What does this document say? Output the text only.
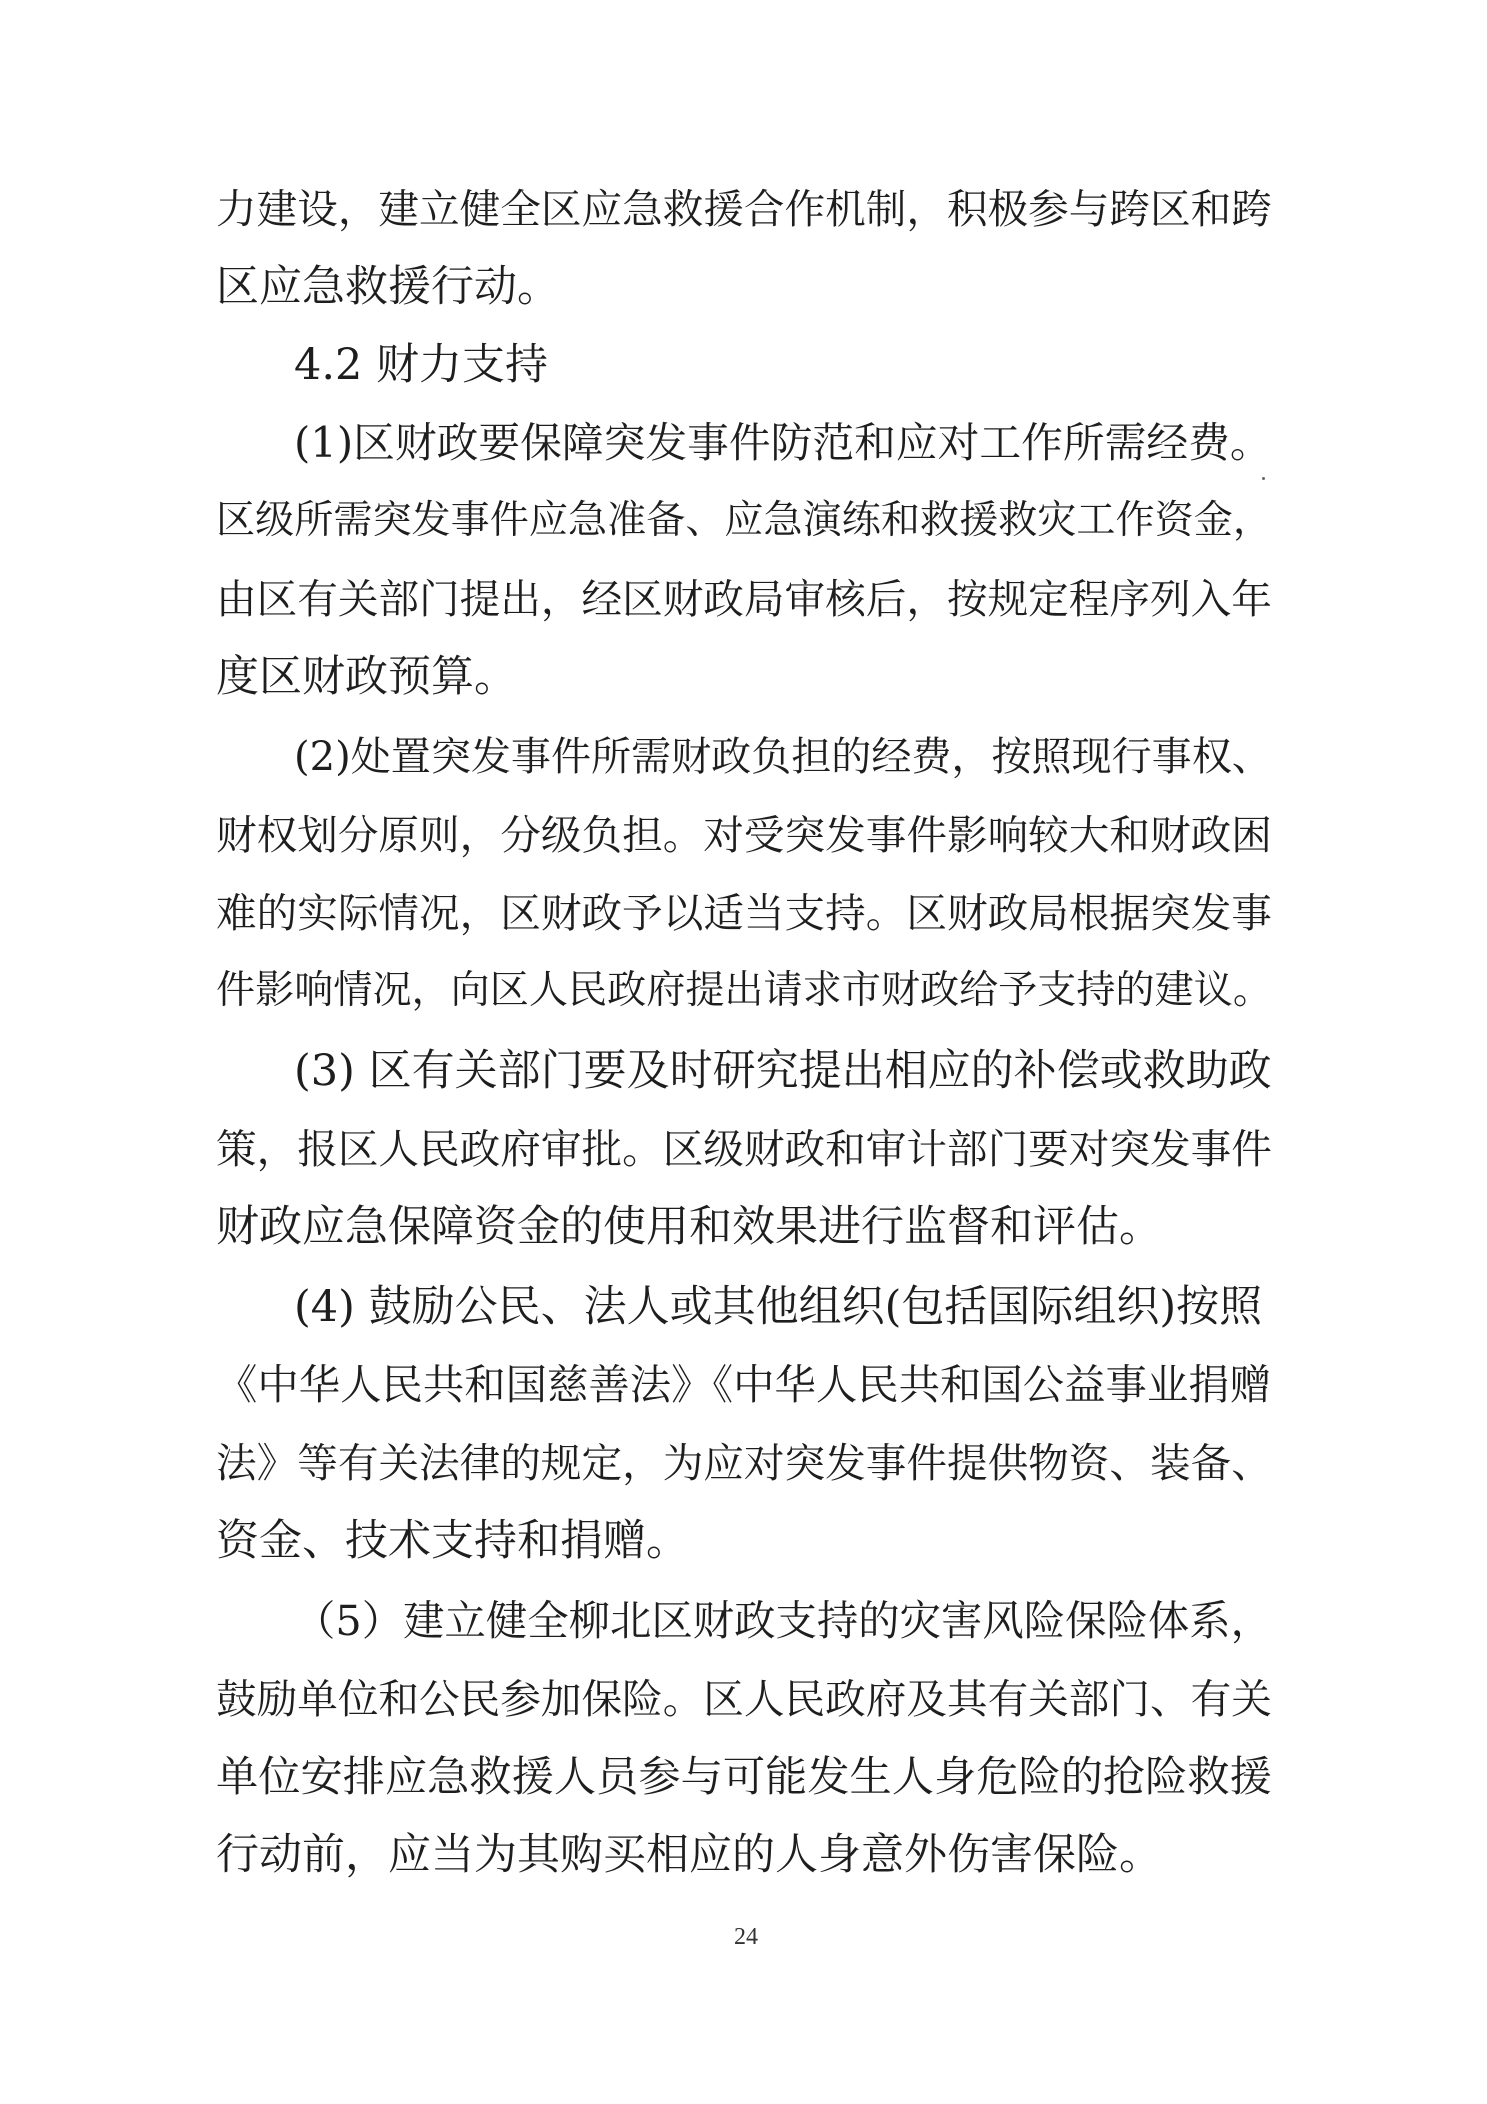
力建设，建立健全区应急救援合作机制，积极参与跨区和跨

区应急救援行动。

4.2 财力支持

(1)区财政要保障突发事件防范和应对工作所需经费。

区级所需突发事件应急准备、应急演练和救援救灾工作资金，

由区有关部门提出，经区财政局审核后，按规定程序列入年

度区财政预算。

(2)处置突发事件所需财政负担的经费，按照现行事权、

财权划分原则，分级负担。对受突发事件影响较大和财政困

难的实际情况，区财政予以适当支持。区财政局根据突发事

件影响情况，向区人民政府提出请求市财政给予支持的建议。

(3) 区有关部门要及时研究提出相应的补偿或救助政

策，报区人民政府审批。区级财政和审计部门要对突发事件

财政应急保障资金的使用和效果进行监督和评估。

(4) 鼓励公民、法人或其他组织(包括国际组织)按照

《中华人民共和国慈善法》《中华人民共和国公益事业捐赠

法》等有关法律的规定，为应对突发事件提供物资、装备、

资金、技术支持和捐赠。

（5）建立健全柳北区财政支持的灾害风险保险体系，

鼓励单位和公民参加保险。区人民政府及其有关部门、有关

单位安排应急救援人员参与可能发生人身危险的抢险救援

行动前，应当为其购买相应的人身意外伤害保险。

24
